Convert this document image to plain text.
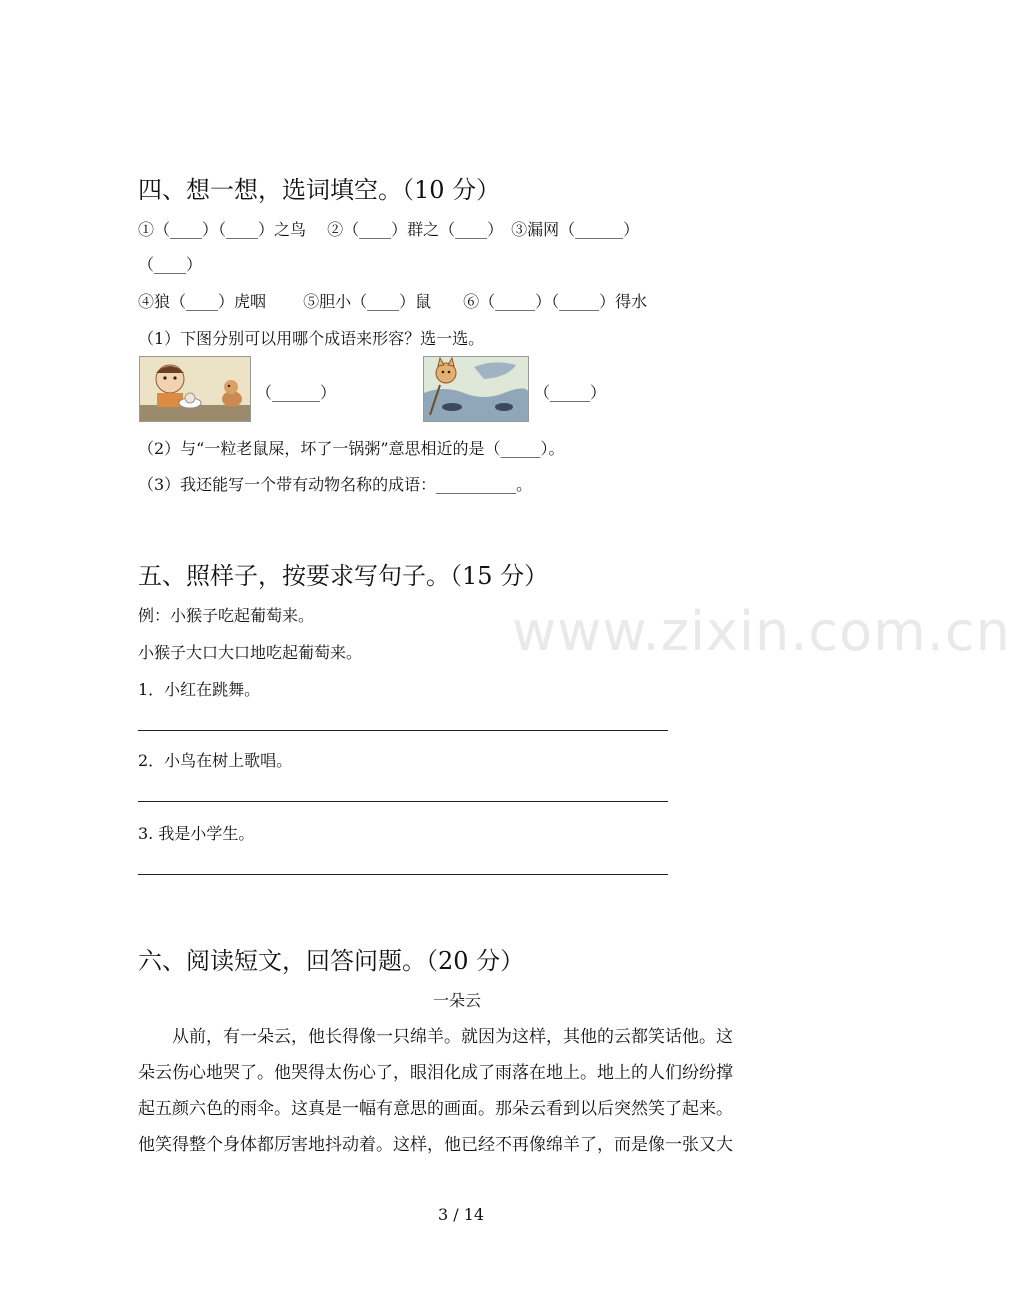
www.zixin.com.cn
四、想一想，选词填空。（10 分）
①（____）（____）之鸟　 ②（____）群之（____）　③漏网（______）
（____）
④狼（____）虎咽　　 ⑤胆小（____）鼠　　⑥（_____）（_____）得水
（1）下图分别可以用哪个成语来形容？选一选。
（______）	（_____）
（2）与“一粒老鼠屎，坏了一锅粥”意思相近的是（_____）。
（3）我还能写一个带有动物名称的成语：__________。
五、照样子，按要求写句子。（15 分）
例：小猴子吃起葡萄来。
小猴子大口大口地吃起葡萄来。
1．小红在跳舞。
2．小鸟在树上歌唱。
3. 我是小学生。
六、阅读短文，回答问题。（20 分）
一朵云
从前，有一朵云，他长得像一只绵羊。就因为这样，其他的云都笑话他。这
朵云伤心地哭了。他哭得太伤心了，眼泪化成了雨落在地上。地上的人们纷纷撑
起五颜六色的雨伞。这真是一幅有意思的画面。那朵云看到以后突然笑了起来。
他笑得整个身体都厉害地抖动着。这样，他已经不再像绵羊了，而是像一张又大
3 / 14
